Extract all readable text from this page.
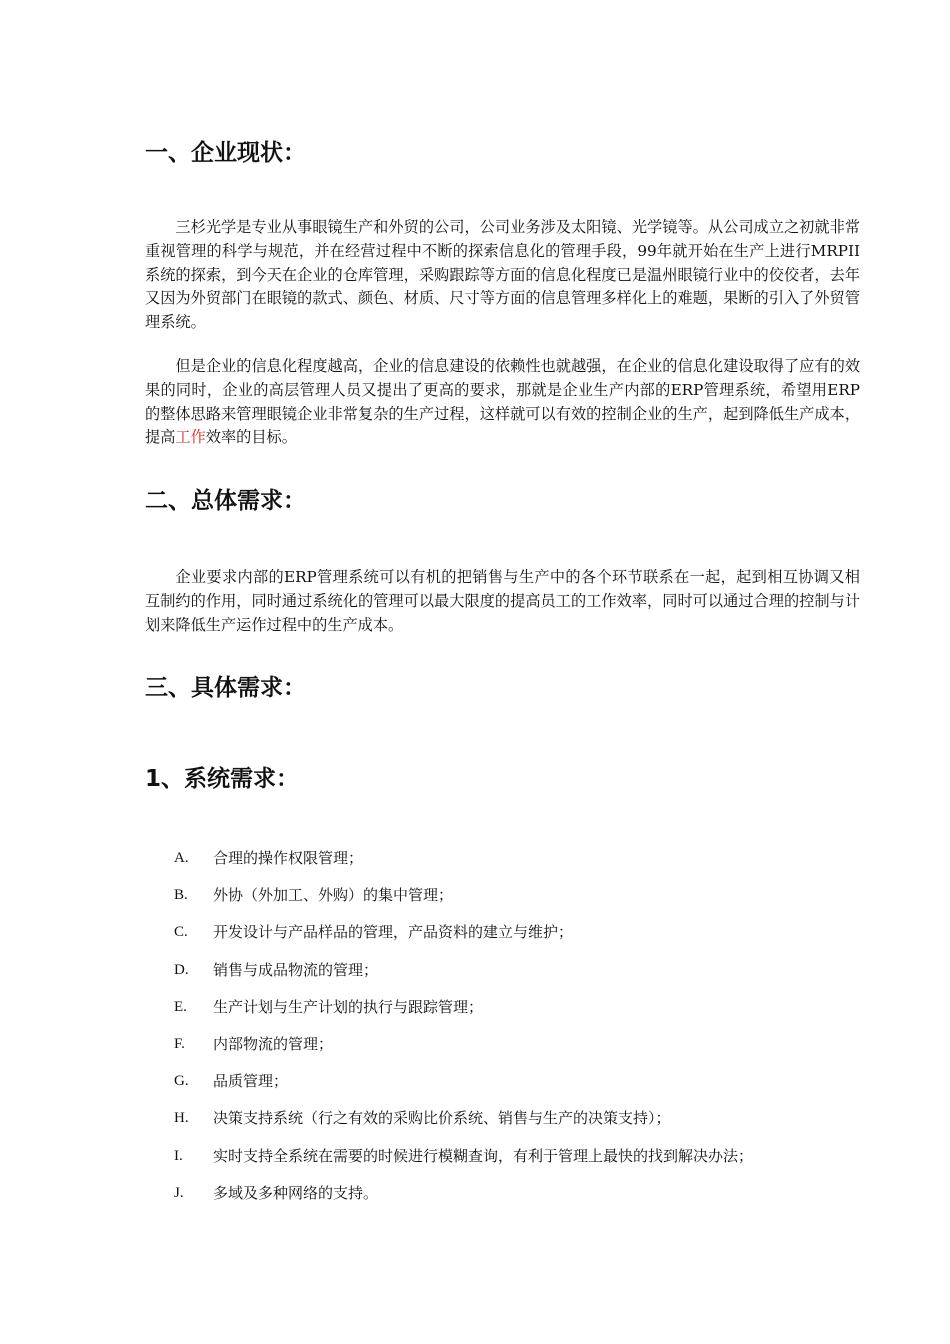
一、企业现状：

三杉光学是专业从事眼镜生产和外贸的公司，公司业务涉及太阳镜、光学镜等。从公司成立之初就非常重视管理的科学与规范，并在经营过程中不断的探索信息化的管理手段，99年就开始在生产上进行MRPII系统的探索，到今天在企业的仓库管理，采购跟踪等方面的信息化程度已是温州眼镜行业中的佼佼者，去年又因为外贸部门在眼镜的款式、颜色、材质、尺寸等方面的信息管理多样化上的难题，果断的引入了外贸管理系统。

但是企业的信息化程度越高，企业的信息建设的依赖性也就越强，在企业的信息化建设取得了应有的效果的同时，企业的高层管理人员又提出了更高的要求，那就是企业生产内部的ERP管理系统，希望用ERP的整体思路来管理眼镜企业非常复杂的生产过程，这样就可以有效的控制企业的生产，起到降低生产成本，提高工作效率的目标。

二、总体需求：

企业要求内部的ERP管理系统可以有机的把销售与生产中的各个环节联系在一起，起到相互协调又相互制约的作用，同时通过系统化的管理可以最大限度的提高员工的工作效率，同时可以通过合理的控制与计划来降低生产运作过程中的生产成本。

三、具体需求：
1、系统需求：
A.	合理的操作权限管理；
B.	外协（外加工、外购）的集中管理；
C.	开发设计与产品样品的管理，产品资料的建立与维护；
D.	销售与成品物流的管理；
E.	生产计划与生产计划的执行与跟踪管理；
F.	内部物流的管理；
G.	品质管理；
H.	决策支持系统（行之有效的采购比价系统、销售与生产的决策支持）；
I.	实时支持全系统在需要的时候进行模糊查询，有利于管理上最快的找到解决办法；
J.	多域及多种网络的支持。
